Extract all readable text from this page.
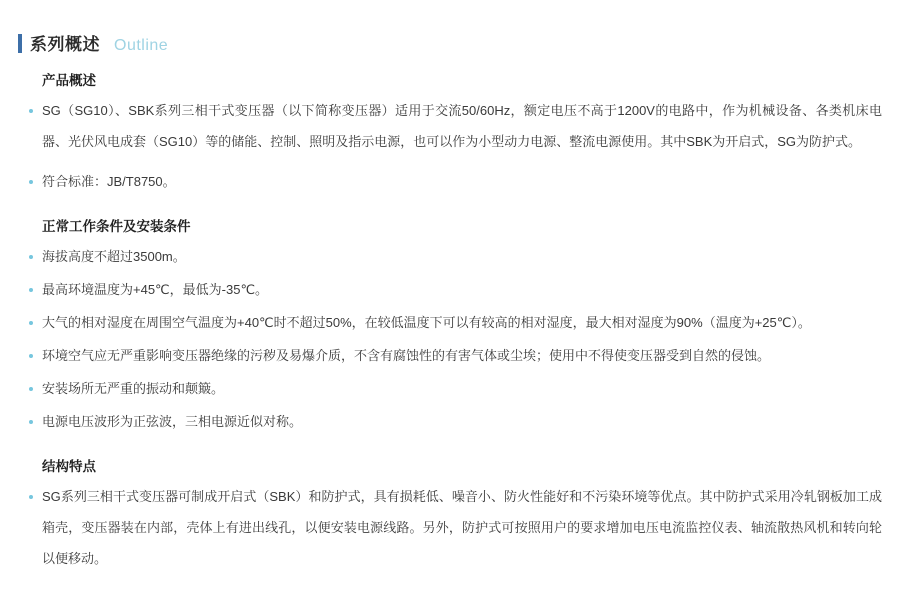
系列概述 Outline
产品概述
SG（SG10）、SBK系列三相干式变压器（以下简称变压器）适用于交流50/60Hz，额定电压不高于1200V的电路中，作为机械设备、各类机床电器、光伏风电成套（SG10）等的储能、控制、照明及指示电源，也可以作为小型动力电源、整流电源使用。其中SBK为开启式，SG为防护式。
符合标准：JB/T8750。
正常工作条件及安装条件
海拔高度不超过3500m。
最高环境温度为+45℃，最低为-35℃。
大气的相对湿度在周围空气温度为+40℃时不超过50%，在较低温度下可以有较高的相对湿度，最大相对湿度为90%（温度为+25℃）。
环境空气应无严重影响变压器绝缘的污秽及易爆介质，不含有腐蚀性的有害气体或尘埃；使用中不得使变压器受到自然的侵蚀。
安装场所无严重的振动和颠簸。
电源电压波形为正弦波，三相电源近似对称。
结构特点
SG系列三相干式变压器可制成开启式（SBK）和防护式，具有损耗低、噪音小、防火性能好和不污染环境等优点。其中防护式采用冷轧钢板加工成箱壳，变压器装在内部，壳体上有进出线孔，以便安装电源线路。另外，防护式可按照用户的要求增加电压电流监控仪表、轴流散热风机和转向轮以便移动。
